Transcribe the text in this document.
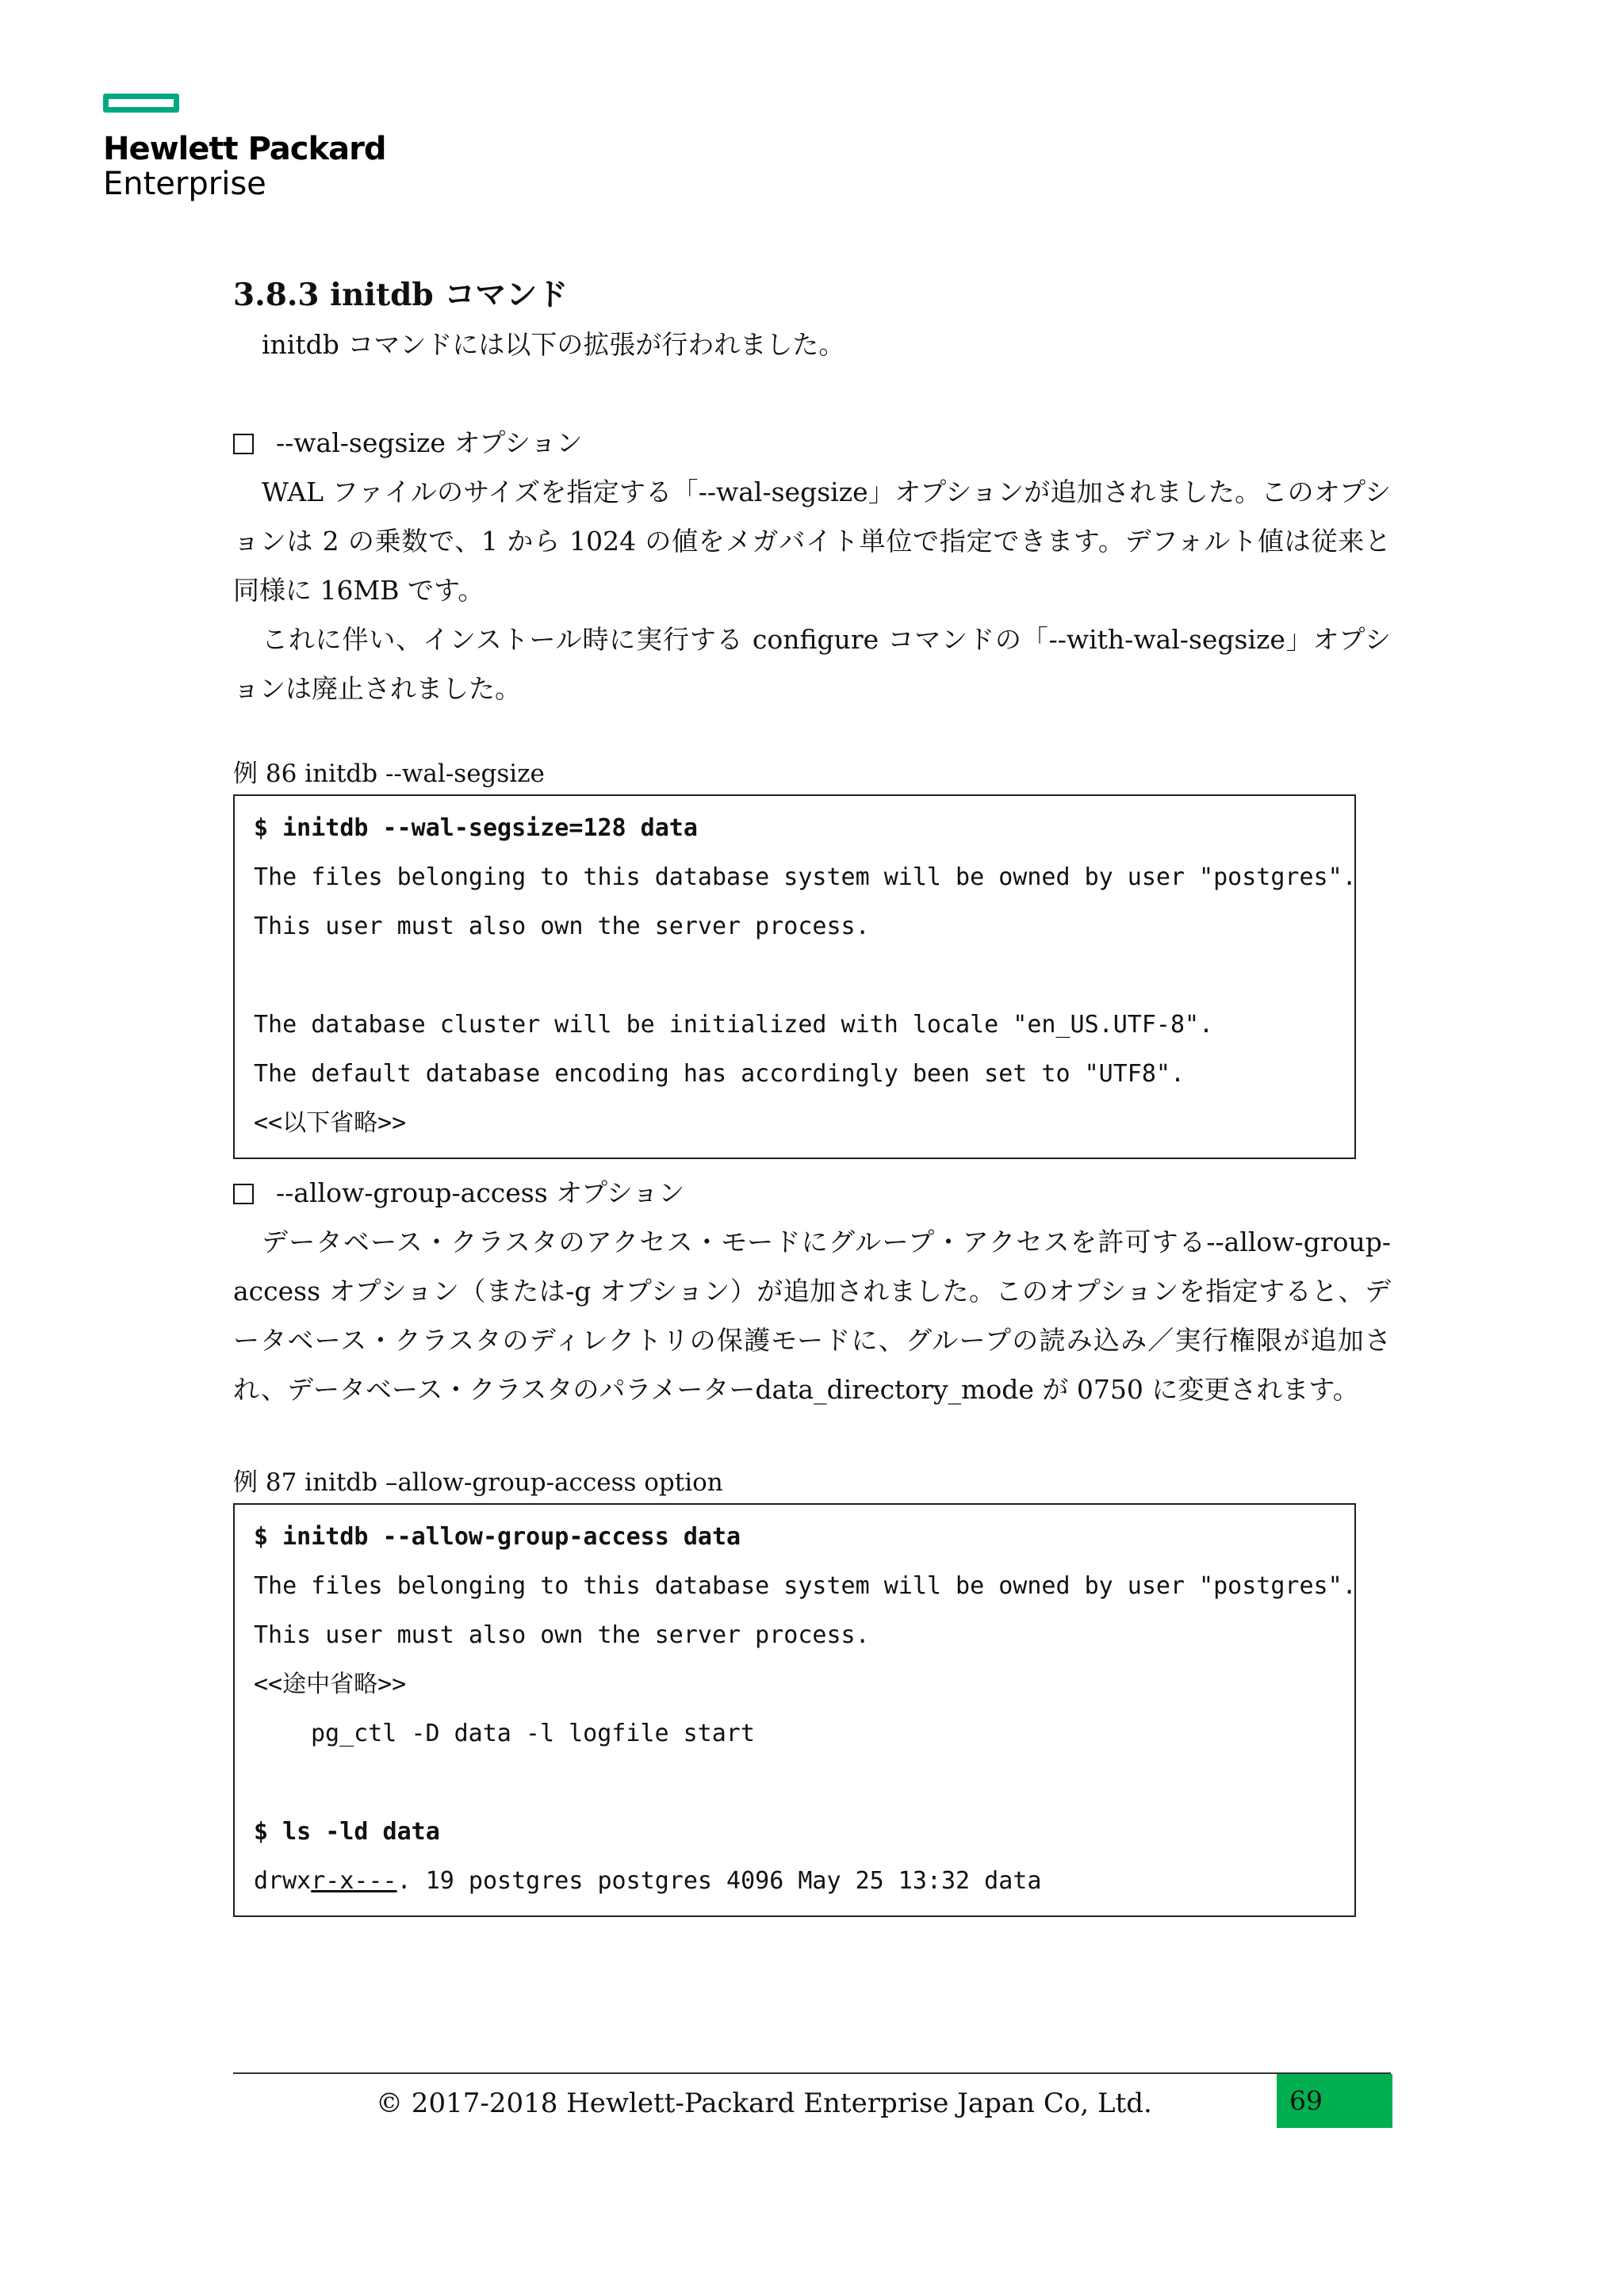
Hewlett Packard
Enterprise
3.8.3 initdb コマンド

initdb コマンドには以下の拡張が行われました。

--wal-segsize オプション

WAL ファイルのサイズを指定する「--wal-segsize」オプションが追加されました。このオプションは 2 の乗数で、1 から 1024 の値をメガバイト単位で指定できます。デフォルト値は従来と同様に 16MB です。

これに伴い、インストール時に実行する configure コマンドの「--with-wal-segsize」オプションは廃止されました。

例 86 initdb --wal-segsize
$ initdb --wal-segsize=128 data
The files belonging to this database system will be owned by user "postgres".
This user must also own the server process.
The database cluster will be initialized with locale "en_US.UTF-8".
The default database encoding has accordingly been set to "UTF8".
<<以下省略>>
--allow-group-access オプション

データベース・クラスタのアクセス・モードにグループ・アクセスを許可する--allow-group-access オプション（または-g オプション）が追加されました。このオプションを指定すると、データベース・クラスタのディレクトリの保護モードに、グループの読み込み／実行権限が追加され、データベース・クラスタのパラメーターdata_directory_mode が 0750 に変更されます。

例 87 initdb –allow-group-access option
$ initdb --allow-group-access data
The files belonging to this database system will be owned by user "postgres".
This user must also own the server process.
<<途中省略>>
pg_ctl -D data -l logfile start
$ ls -ld data
drwxr-x---. 19 postgres postgres 4096 May 25 13:32 data
© 2017-2018 Hewlett-Packard Enterprise Japan Co, Ltd.	69
